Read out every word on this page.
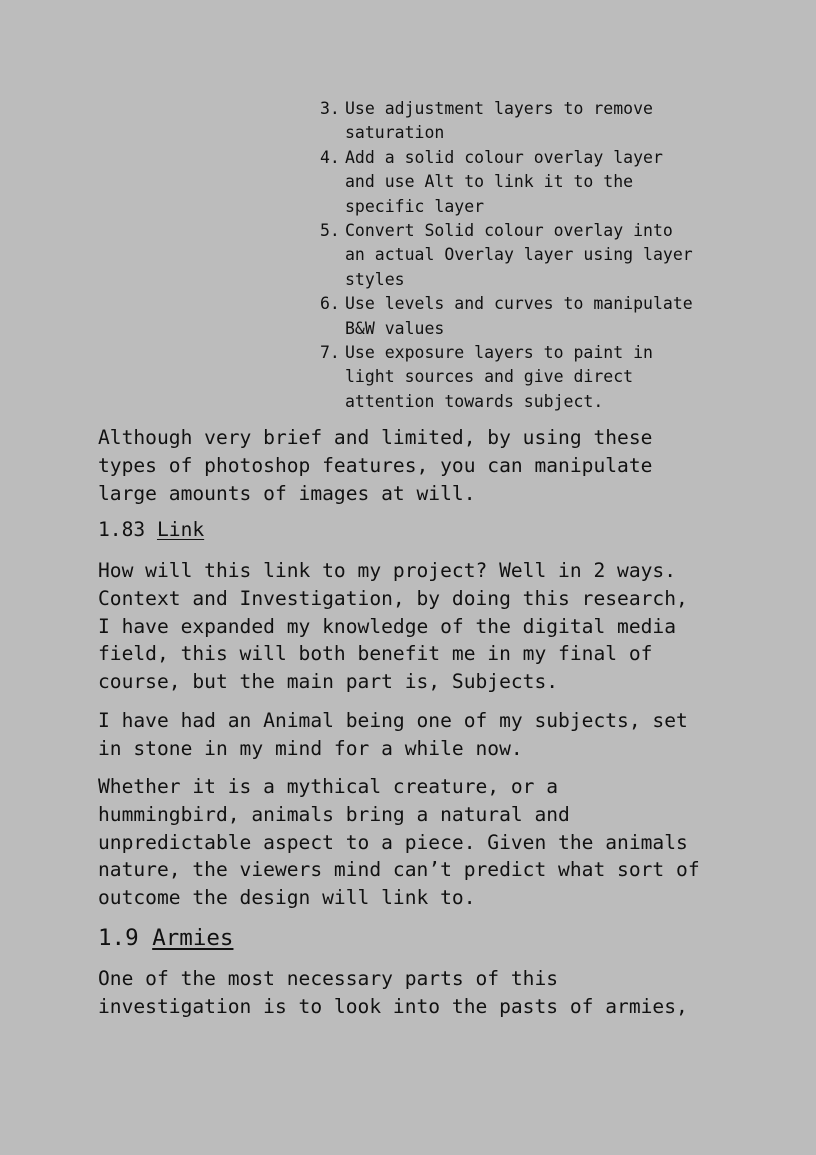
3. Use adjustment layers to remove
saturation
4. Add a solid colour overlay layer
and use Alt to link it to the
specific layer
5. Convert Solid colour overlay into
an actual Overlay layer using layer
styles
6. Use levels and curves to manipulate
B&W values
7. Use exposure layers to paint in
light sources and give direct
attention towards subject.

Although very brief and limited, by using these
types of photoshop features, you can manipulate
large amounts of images at will.

1.83 Link

How will this link to my project? Well in 2 ways.
Context and Investigation, by doing this research,
I have expanded my knowledge of the digital media
field, this will both benefit me in my final of
course, but the main part is, Subjects.

I have had an Animal being one of my subjects, set
in stone in my mind for a while now.

Whether it is a mythical creature, or a
hummingbird, animals bring a natural and
unpredictable aspect to a piece. Given the animals
nature, the viewers mind can’t predict what sort of
outcome the design will link to.

1.9 Armies

One of the most necessary parts of this
investigation is to look into the pasts of armies,
